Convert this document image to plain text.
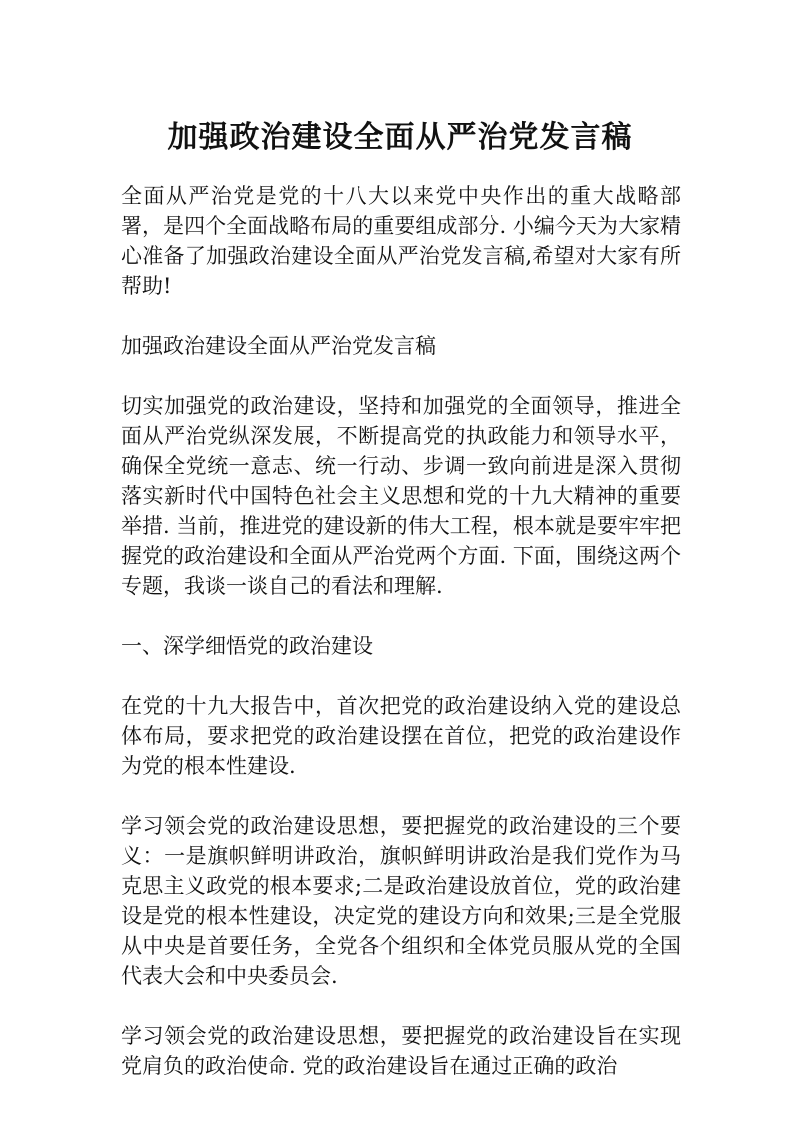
加强政治建设全面从严治党发言稿

全面从严治党是党的十八大以来党中央作出的重大战略部署，是四个全面战略布局的重要组成部分. 小编今天为大家精心准备了加强政治建设全面从严治党发言稿,希望对大家有所帮助!

加强政治建设全面从严治党发言稿

切实加强党的政治建设，坚持和加强党的全面领导，推进全面从严治党纵深发展，不断提高党的执政能力和领导水平，确保全党统一意志、统一行动、步调一致向前进是深入贯彻落实新时代中国特色社会主义思想和党的十九大精神的重要举措. 当前，推进党的建设新的伟大工程，根本就是要牢牢把握党的政治建设和全面从严治党两个方面. 下面，围绕这两个专题，我谈一谈自己的看法和理解.

一、深学细悟党的政治建设

在党的十九大报告中，首次把党的政治建设纳入党的建设总体布局，要求把党的政治建设摆在首位，把党的政治建设作为党的根本性建设.

学习领会党的政治建设思想，要把握党的政治建设的三个要义：一是旗帜鲜明讲政治，旗帜鲜明讲政治是我们党作为马克思主义政党的根本要求;二是政治建设放首位，党的政治建设是党的根本性建设，决定党的建设方向和效果;三是全党服从中央是首要任务，全党各个组织和全体党员服从党的全国代表大会和中央委员会.

学习领会党的政治建设思想，要把握党的政治建设旨在实现党肩负的政治使命. 党的政治建设旨在通过正确的政治
